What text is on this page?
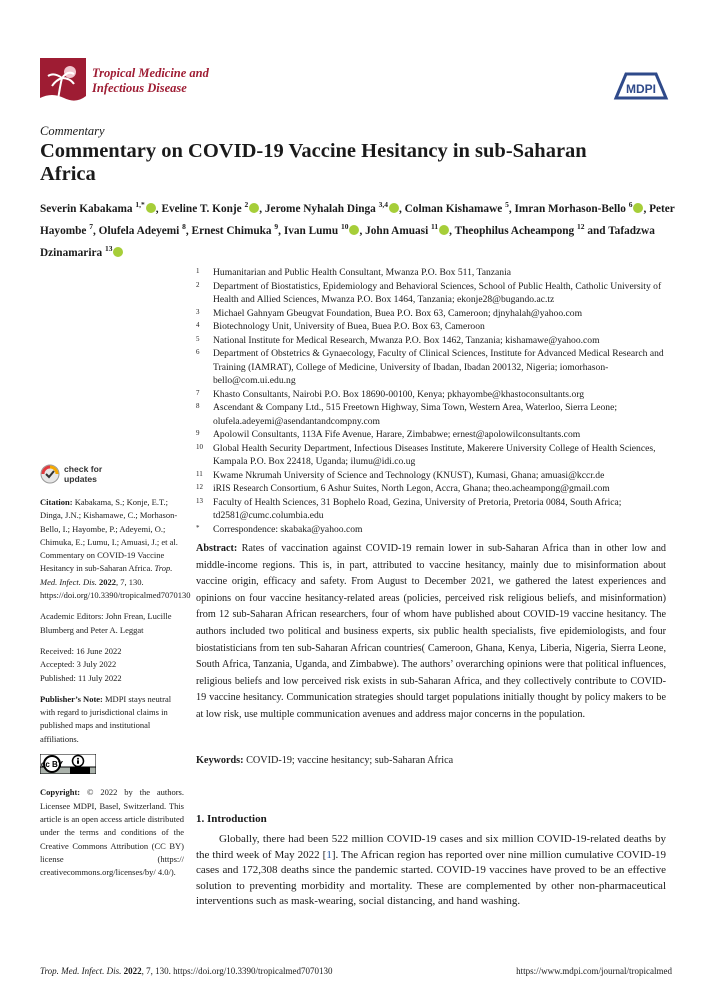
Tropical Medicine and
Infectious Disease	MDPI
Commentary
Commentary on COVID-19 Vaccine Hesitancy in sub-Saharan Africa
Severin Kabakama $^{1,*}$ , Eveline T. Konje $^2$ , Jerome Nyhalah Dinga $^{3,4}$ , Colman Kishamawe $^5$, Imran Morhason-Bello $^6$ , Peter Hayombe $^7$, Olufela Adeyemi $^8$, Ernest Chimuka $^9$, Ivan Lumu $^{10}$ , John Amuasi $^{11}$ , Theophilus Acheampong $^{12}$ and Tafadzwa Dzinamarira $^{13}$
1	Humanitarian and Public Health Consultant, Mwanza P.O. Box 511, Tanzania
2	Department of Biostatistics, Epidemiology and Behavioral Sciences, School of Public Health, Catholic University of Health and Allied Sciences, Mwanza P.O. Box 1464, Tanzania; ekonje28@bugando.ac.tz
3	Michael Gahnyam Gbeugvat Foundation, Buea P.O. Box 63, Cameroon; djnyhalah@yahoo.com
4	Biotechnology Unit, University of Buea, Buea P.O. Box 63, Cameroon
5	National Institute for Medical Research, Mwanza P.O. Box 1462, Tanzania; kishamawe@yahoo.com
6	Department of Obstetrics & Gynaecology, Faculty of Clinical Sciences, Institute for Advanced Medical Research and Training (IAMRAT), College of Medicine, University of Ibadan, Ibadan 200132, Nigeria; iomorhason-bello@com.ui.edu.ng
7	Khasto Consultants, Nairobi P.O. Box 18690-00100, Kenya; pkhayombe@khastoconsultants.org
8	Ascendant & Company Ltd., 515 Freetown Highway, Sima Town, Western Area, Waterloo, Sierra Leone; olufela.adeyemi@asendantandcompny.com
9	Apolowil Consultants, 113A Fife Avenue, Harare, Zimbabwe; ernest@apolowilconsultants.com
10	Global Health Security Department, Infectious Diseases Institute, Makerere University College of Health Sciences, Kampala P.O. Box 22418, Uganda; ilumu@idi.co.ug
11	Kwame Nkrumah University of Science and Technology (KNUST), Kumasi, Ghana; amuasi@kccr.de
12	iRIS Research Consortium, 6 Ashur Suites, North Legon, Accra, Ghana; theo.acheampong@gmail.com
13	Faculty of Health Sciences, 31 Bophelo Road, Gezina, University of Pretoria, Pretoria 0084, South Africa; td2581@cumc.columbia.edu
*	Correspondence: skabaka@yahoo.com
check for
updates
Citation: Kabakama, S.; Konje, E.T.; Dinga, J.N.; Kishamawe, C.; Morhason-Bello, I.; Hayombe, P.; Adeyemi, O.; Chimuka, E.; Lumu, I.; Amuasi, J.; et al. Commentary on COVID-19 Vaccine Hesitancy in sub-Saharan Africa. Trop. Med. Infect. Dis. 2022, 7, 130. https://doi.org/10.3390/tropicalmed7070130
Academic Editors: John Frean, Lucille Blumberg and Peter A. Leggat
Received: 16 June 2022
Accepted: 3 July 2022
Published: 11 July 2022
Publisher’s Note: MDPI stays neutral with regard to jurisdictional claims in published maps and institutional affiliations.
cc BY
Copyright: © 2022 by the authors. Licensee MDPI, Basel, Switzerland. This article is an open access article distributed under the terms and conditions of the Creative Commons Attribution (CC BY) license (https:// creativecommons.org/licenses/by/ 4.0/).
Abstract: Rates of vaccination against COVID-19 remain lower in sub-Saharan Africa than in other low and middle-income regions. This is, in part, attributed to vaccine hesitancy, mainly due to misinformation about vaccine origin, efficacy and safety. From August to December 2021, we gathered the latest experiences and opinions on four vaccine hesitancy-related areas (policies, perceived risk religious beliefs, and misinformation) from 12 sub-Saharan African researchers, four of whom have published about COVID-19 vaccine hesitancy. The authors included two political and business experts, six public health specialists, five epidemiologists, and four biostatisticians from ten sub-Saharan African countries( Cameroon, Ghana, Kenya, Liberia, Nigeria, Sierra Leone, South Africa, Tanzania, Uganda, and Zimbabwe). The authors’ overarching opinions were that political influences, religious beliefs and low perceived risk exists in sub-Saharan Africa, and they collectively contribute to COVID-19 vaccine hesitancy. Communication strategies should target populations initially thought by policy makers to be at low risk, use multiple communication avenues and address major concerns in the population.
Keywords: COVID-19; vaccine hesitancy; sub-Saharan Africa
1. Introduction
Globally, there had been 522 million COVID-19 cases and six million COVID-19-related deaths by the third week of May 2022 [1]. The African region has reported over nine million cumulative COVID-19 cases and 172,308 deaths since the pandemic started. COVID-19 vaccines have proved to be an effective solution to preventing morbidity and mortality. These are complemented by other non-pharmaceutical interventions such as mask-wearing, social distancing, and hand washing.
Trop. Med. Infect. Dis. 2022, 7, 130. https://doi.org/10.3390/tropicalmed7070130	https://www.mdpi.com/journal/tropicalmed
